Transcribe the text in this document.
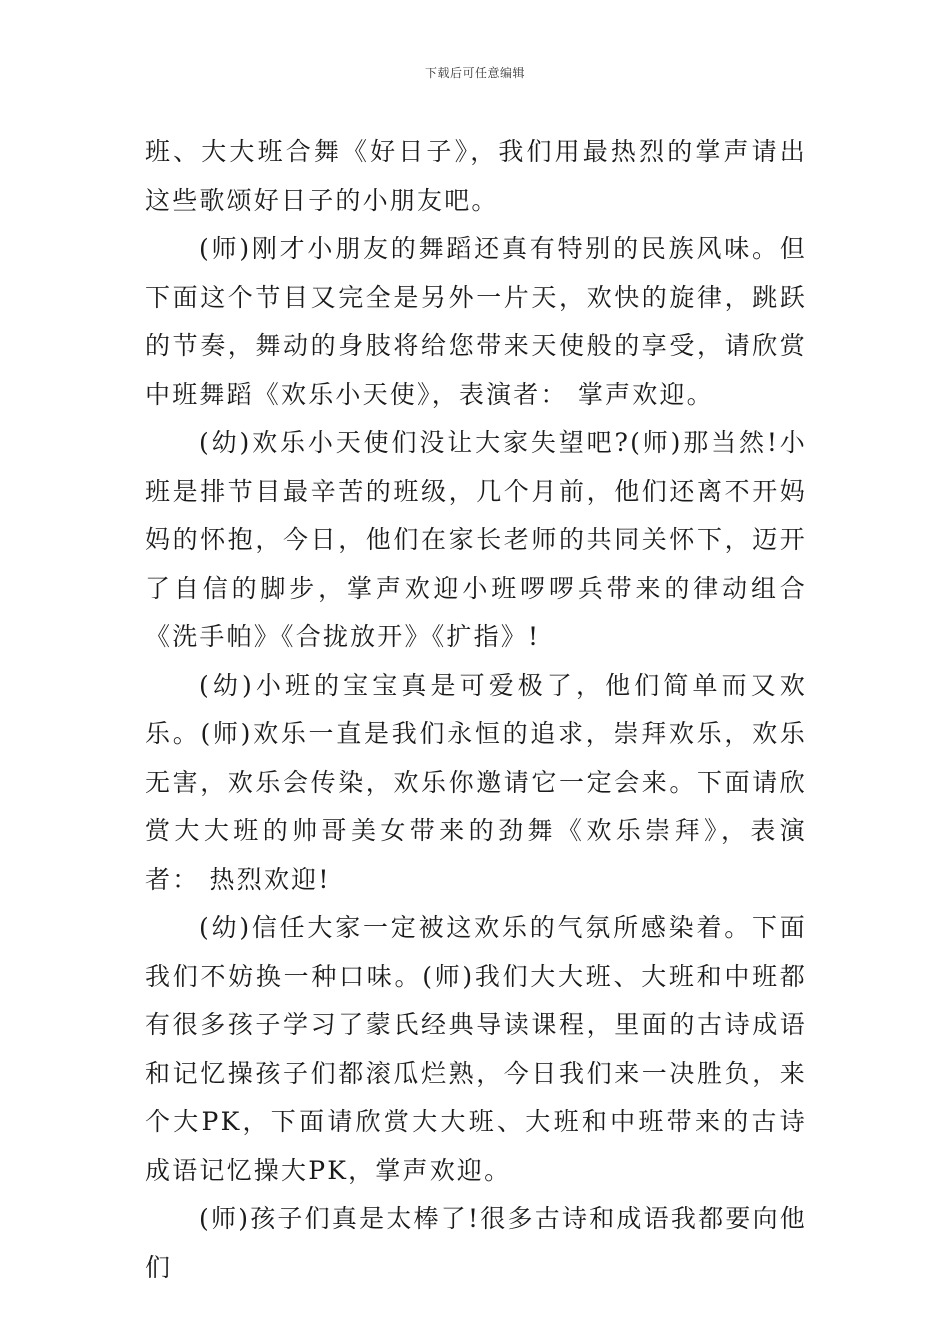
下载后可任意编辑

班、大大班合舞《好日子》，我们用最热烈的掌声请出这些歌颂好日子的小朋友吧。

(师)刚才小朋友的舞蹈还真有特别的民族风味。但下面这个节目又完全是另外一片天，欢快的旋律，跳跃的节奏，舞动的身肢将给您带来天使般的享受，请欣赏中班舞蹈《欢乐小天使》，表演者： 掌声欢迎。

(幼)欢乐小天使们没让大家失望吧?(师)那当然!小班是排节目最辛苦的班级，几个月前，他们还离不开妈妈的怀抱，今日，他们在家长老师的共同关怀下，迈开了自信的脚步，掌声欢迎小班啰啰兵带来的律动组合《洗手帕》《合拢放开》《扩指》!

(幼)小班的宝宝真是可爱极了，他们简单而又欢乐。(师)欢乐一直是我们永恒的追求，崇拜欢乐，欢乐无害，欢乐会传染，欢乐你邀请它一定会来。下面请欣赏大大班的帅哥美女带来的劲舞《欢乐崇拜》，表演者： 热烈欢迎!

(幼)信任大家一定被这欢乐的气氛所感染着。下面我们不妨换一种口味。(师)我们大大班、大班和中班都有很多孩子学习了蒙氏经典导读课程，里面的古诗成语和记忆操孩子们都滚瓜烂熟，今日我们来一决胜负，来个大PK，下面请欣赏大大班、大班和中班带来的古诗成语记忆操大PK，掌声欢迎。

(师)孩子们真是太棒了!很多古诗和成语我都要向他们
